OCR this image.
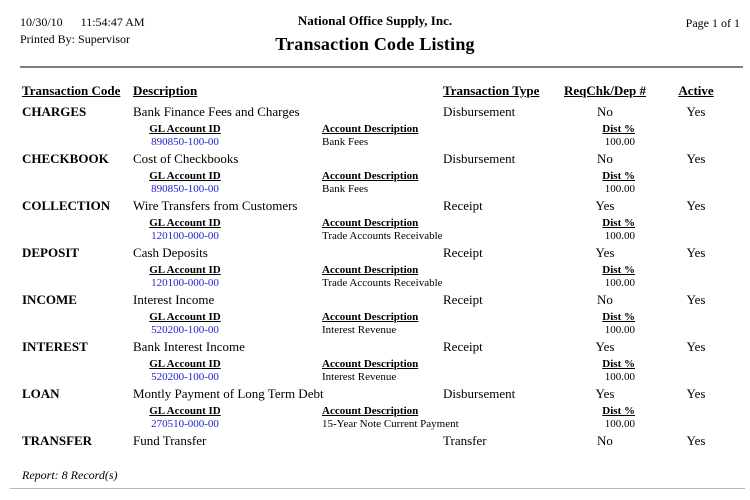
10/30/10 11:54:47 AM
Printed By: Supervisor
National Office Supply, Inc.
Transaction Code Listing
Page 1 of 1
Transaction Code Description	Transaction Type	ReqChk/Dep #	Active
CHARGES	Bank Finance Fees and Charges	Disbursement	No	Yes
GL Account ID	Account Description	Dist %
890850-100-00	Bank Fees	100.00
CHECKBOOK	Cost of Checkbooks	Disbursement	No	Yes
GL Account ID	Account Description	Dist %
890850-100-00	Bank Fees	100.00
COLLECTION	Wire Transfers from Customers	Receipt	Yes	Yes
GL Account ID	Account Description	Dist %
120100-000-00	Trade Accounts Receivable	100.00
DEPOSIT	Cash Deposits	Receipt	Yes	Yes
GL Account ID	Account Description	Dist %
120100-000-00	Trade Accounts Receivable	100.00
INCOME	Interest Income	Receipt	No	Yes
GL Account ID	Account Description	Dist %
520200-100-00	Interest Revenue	100.00
INTEREST	Bank Interest Income	Receipt	Yes	Yes
GL Account ID	Account Description	Dist %
520200-100-00	Interest Revenue	100.00
LOAN	Montly Payment of Long Term Debt	Disbursement	Yes	Yes
GL Account ID	Account Description	Dist %
270510-000-00	15-Year Note Current Payment	100.00
TRANSFER	Fund Transfer	Transfer	No	Yes
Report: 8 Record(s)
